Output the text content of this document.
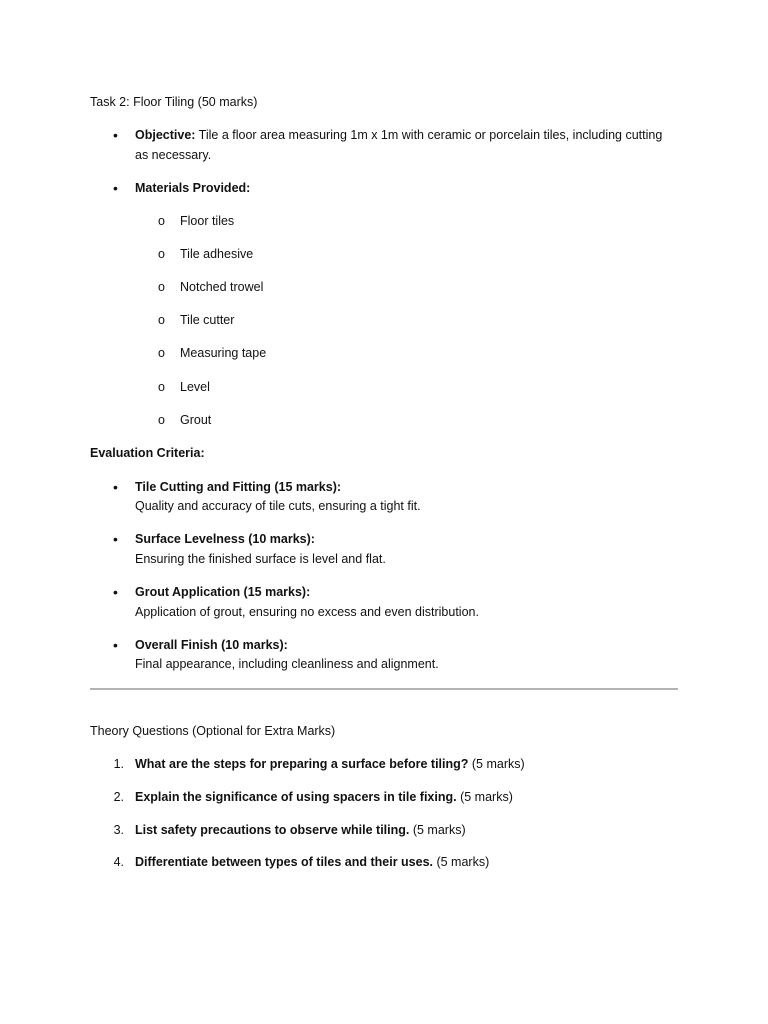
Task 2: Floor Tiling (50 marks)
• Objective: Tile a floor area measuring 1m x 1m with ceramic or porcelain tiles, including cutting
as necessary.
• Materials Provided:
o Floor tiles
o Tile adhesive
o Notched trowel
o Tile cutter
o Measuring tape
o Level
o Grout
Evaluation Criteria:
• Tile Cutting and Fitting (15 marks):
Quality and accuracy of tile cuts, ensuring a tight fit.
• Surface Levelness (10 marks):
Ensuring the finished surface is level and flat.
• Grout Application (15 marks):
Application of grout, ensuring no excess and even distribution.
• Overall Finish (10 marks):
Final appearance, including cleanliness and alignment.
Theory Questions (Optional for Extra Marks)
1. What are the steps for preparing a surface before tiling? (5 marks)
2. Explain the significance of using spacers in tile fixing. (5 marks)
3. List safety precautions to observe while tiling. (5 marks)
4. Differentiate between types of tiles and their uses. (5 marks)
